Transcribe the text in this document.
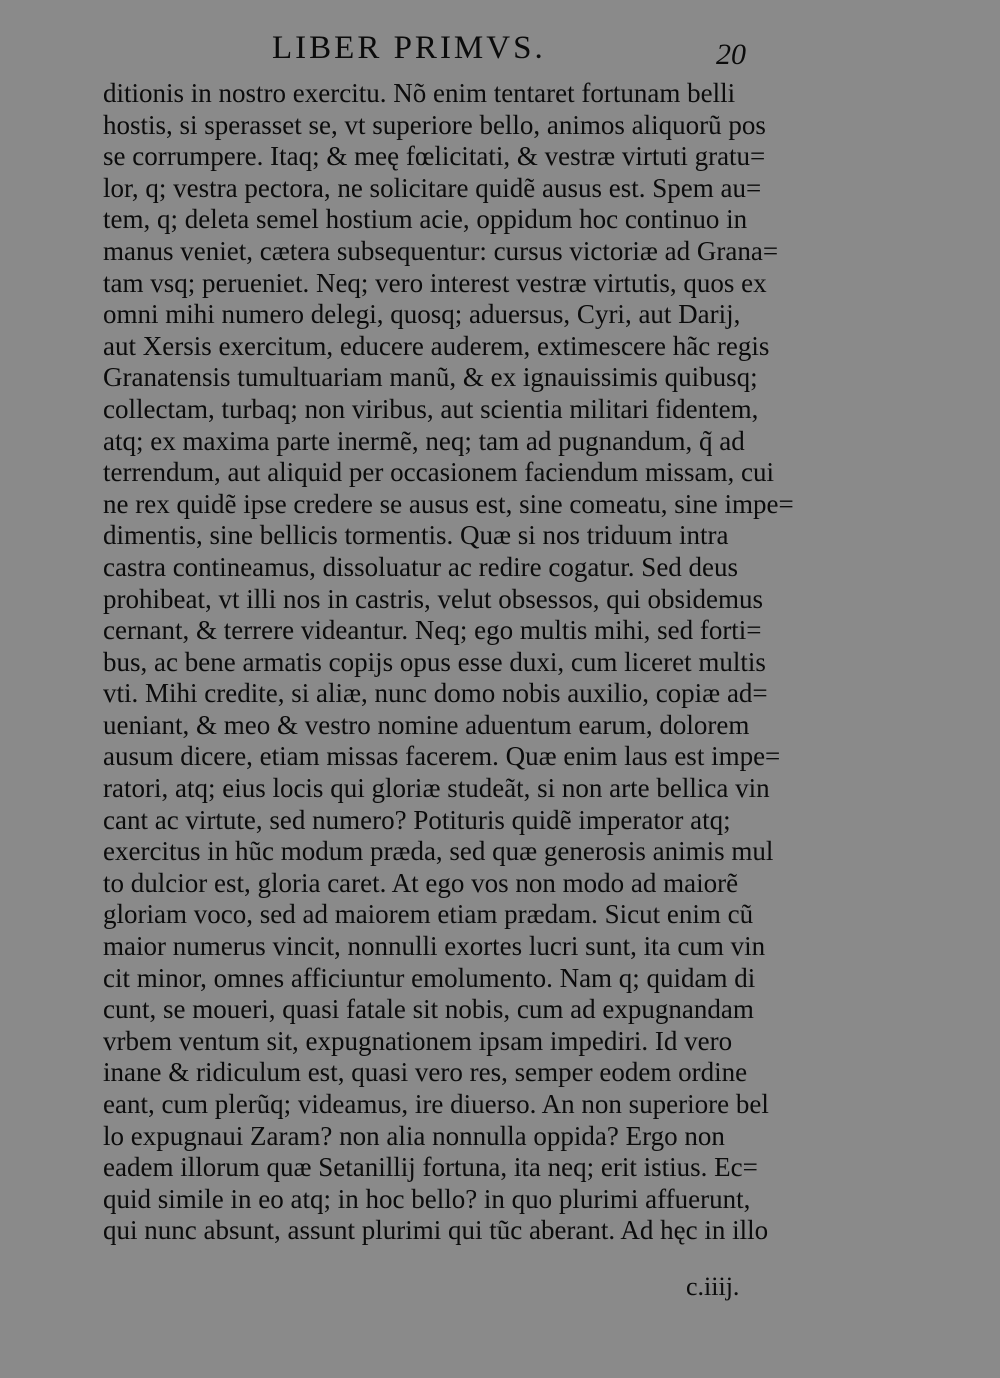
LIBER PRIMVS.	20
ditionis in nostro exercitu. Nõ enim tentaret fortunam belli
hostis, si sperasset se, vt superiore bello, animos aliquorũ pos
se corrumpere. Itaq; & meę fœlicitati, & vestræ virtuti gratu=
lor, q; vestra pectora, ne solicitare quidẽ ausus est. Spem au=
tem, q; deleta semel hostium acie, oppidum hoc continuo in
manus veniet, cætera subsequentur: cursus victoriæ ad Grana=
tam vsq; perueniet. Neq; vero interest vestræ virtutis, quos ex
omni mihi numero delegi, quosq; aduersus, Cyri, aut Darij,
aut Xersis exercitum, educere auderem, extimescere hãc regis
Granatensis tumultuariam manũ, & ex ignauissimis quibusq;
collectam, turbaq; non viribus, aut scientia militari fidentem,
atq; ex maxima parte inermẽ, neq; tam ad pugnandum, q̃ ad
terrendum, aut aliquid per occasionem faciendum missam, cui
ne rex quidẽ ipse credere se ausus est, sine comeatu, sine impe=
dimentis, sine bellicis tormentis. Quæ si nos triduum intra
castra contineamus, dissoluatur ac redire cogatur. Sed deus
prohibeat, vt illi nos in castris, velut obsessos, qui obsidemus
cernant, & terrere videantur. Neq; ego multis mihi, sed forti=
bus, ac bene armatis copijs opus esse duxi, cum liceret multis
vti. Mihi credite, si aliæ, nunc domo nobis auxilio, copiæ ad=
ueniant, & meo & vestro nomine aduentum earum, dolorem
ausum dicere, etiam missas facerem. Quæ enim laus est impe=
ratori, atq; eius locis qui gloriæ studeãt, si non arte bellica vin
cant ac virtute, sed numero? Potituris quidẽ imperator atq;
exercitus in hũc modum præda, sed quæ generosis animis mul
to dulcior est, gloria caret. At ego vos non modo ad maiorẽ
gloriam voco, sed ad maiorem etiam prædam. Sicut enim cũ
maior numerus vincit, nonnulli exortes lucri sunt, ita cum vin
cit minor, omnes afficiuntur emolumento. Nam q; quidam di
cunt, se moueri, quasi fatale sit nobis, cum ad expugnandam
vrbem ventum sit, expugnationem ipsam impediri. Id vero
inane & ridiculum est, quasi vero res, semper eodem ordine
eant, cum plerũq; videamus, ire diuerso. An non superiore bel
lo expugnaui Zaram? non alia nonnulla oppida? Ergo non
eadem illorum quæ Setanillij fortuna, ita neq; erit istius. Ec=
quid simile in eo atq; in hoc bello? in quo plurimi affuerunt,
qui nunc absunt, assunt plurimi qui tũc aberant. Ad hęc in illo
c.iiij.
